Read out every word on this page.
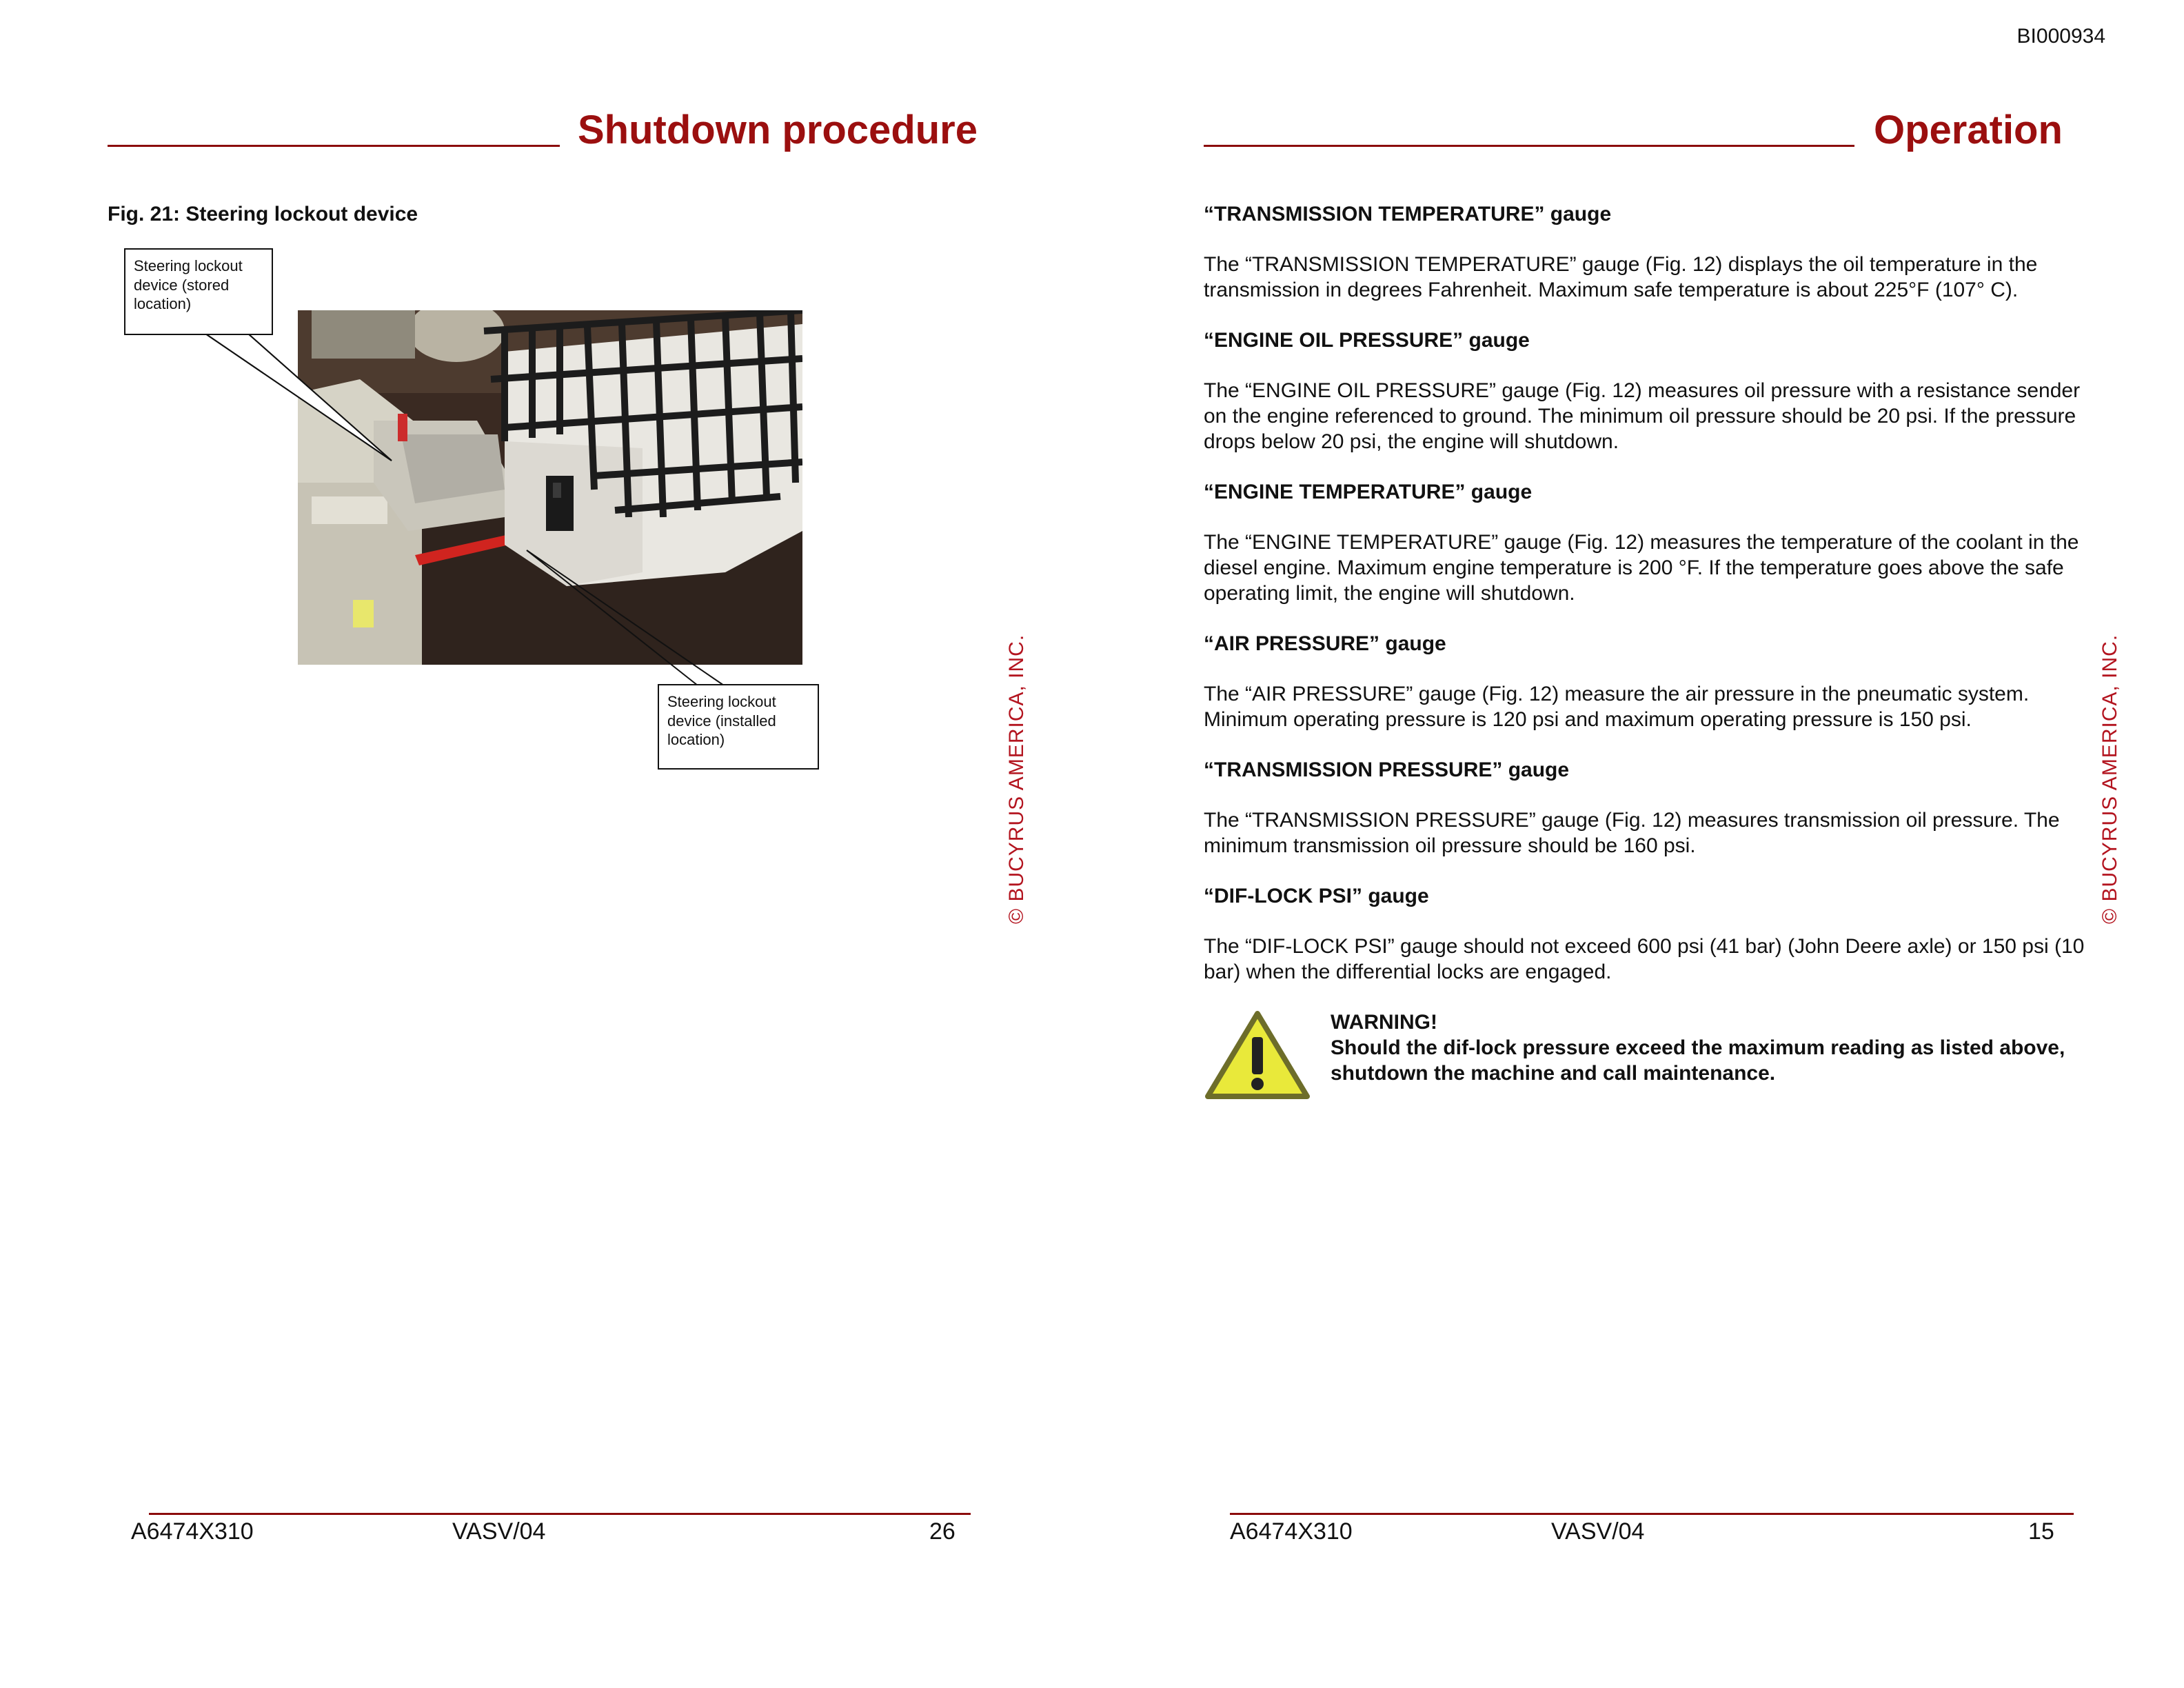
BI000934
Shutdown procedure
Fig. 21: Steering lockout device
Steering lockout device (stored location)
Steering lockout device (installed location)	© BUCYRUS AMERICA, INC.
A6474X310	VASV/04	26
Operation
“TRANSMISSION TEMPERATURE” gauge

The “TRANSMISSION TEMPERATURE” gauge (Fig. 12) displays the oil temperature in the transmission in degrees Fahrenheit. Maximum safe temperature is about 225°F (107° C).

“ENGINE OIL PRESSURE” gauge

The “ENGINE OIL PRESSURE” gauge (Fig. 12) measures oil pressure with a resistance sender on the engine referenced to ground. The minimum oil pressure should be 20 psi. If the pressure drops below 20 psi, the engine will shutdown.

“ENGINE TEMPERATURE” gauge

The “ENGINE TEMPERATURE” gauge (Fig. 12) measures the temperature of the coolant in the diesel engine. Maximum engine temperature is 200 °F. If the temperature goes above the safe operating limit, the engine will shutdown.

“AIR PRESSURE” gauge

The “AIR PRESSURE” gauge (Fig. 12) measure the air pressure in the pneumatic system. Minimum operating pressure is 120 psi and maximum operating pressure is 150 psi.

“TRANSMISSION PRESSURE” gauge

The “TRANSMISSION PRESSURE” gauge (Fig. 12) measures transmission oil pressure. The minimum transmission oil pressure should be 160 psi.

“DIF-LOCK PSI” gauge

The “DIF-LOCK PSI” gauge should not exceed 600 psi (41 bar) (John Deere axle) or 150 psi (10 bar) when the differential locks are engaged.

WARNING!
Should the dif-lock pressure exceed the maximum reading as listed above, shutdown the machine and call maintenance.
© BUCYRUS AMERICA, INC.
A6474X310	VASV/04	15
